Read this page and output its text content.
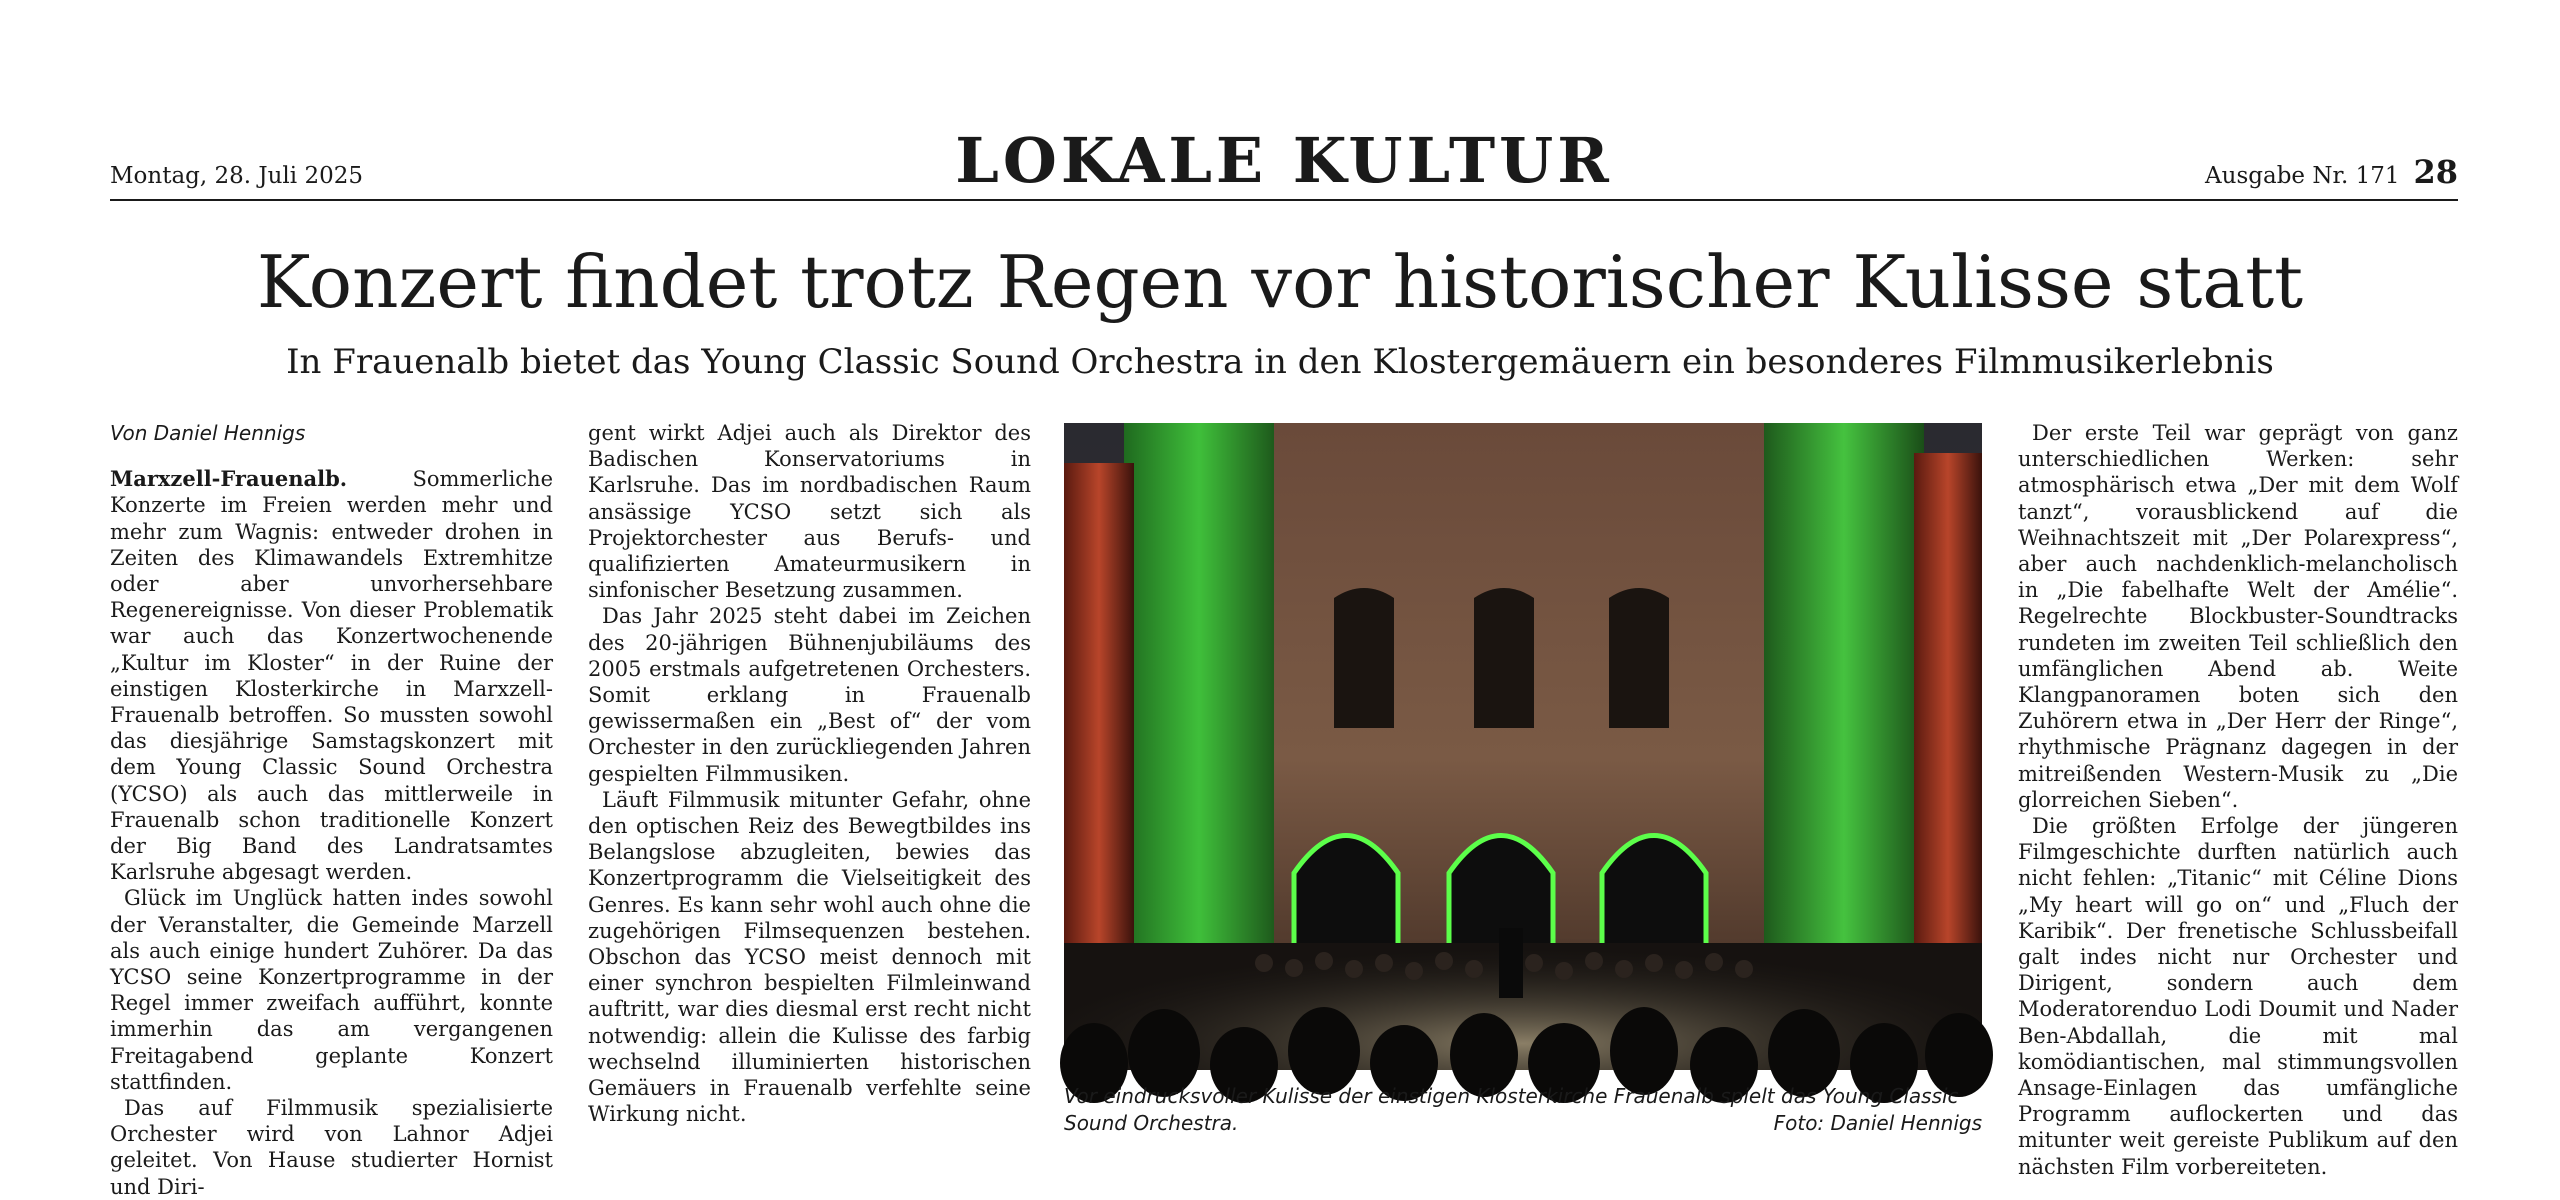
Montag, 28. Juli 2025	LOKALE KULTUR	Ausgabe Nr. 171 28
Konzert findet trotz Regen vor historischer Kulisse statt
In Frauenalb bietet das Young Classic Sound Orchestra in den Klostergemäuern ein besonderes Filmmusikerlebnis

Von Daniel Hennigs

Marxzell-Frauenalb.	Sommerliche Konzerte im Freien werden mehr und mehr zum Wagnis: entweder drohen in Zeiten des Klimawandels Extremhitze oder aber unvorhersehbare Regenereignisse. Von dieser Problematik war auch das Konzertwochenende „Kultur im Kloster“ in der Ruine der einstigen Klosterkirche in Marxzell-Frauenalb betroffen. So mussten sowohl das diesjährige Samstagskonzert mit dem Young Classic Sound Orchestra (YCSO) als auch das mittlerweile in Frauenalb schon traditionelle Konzert der Big Band des Landratsamtes Karlsruhe abgesagt werden.

Glück im Unglück hatten indes sowohl der Veranstalter, die Gemeinde Marzell als auch einige hundert Zuhörer. Da das YCSO seine Konzertprogramme in der Regel immer zweifach aufführt, konnte immerhin das am vergangenen Freitagabend geplante Konzert stattfinden.

Das auf Filmmusik spezialisierte Orchester wird von Lahnor Adjei geleitet. Von Hause studierter Hornist und Diri-

gent wirkt Adjei auch als Direktor des Badischen Konservatoriums in Karlsruhe. Das im nordbadischen Raum ansässige YCSO setzt sich als Projektorchester aus Berufs- und qualifizierten Amateurmusikern in sinfonischer Besetzung zusammen.

Das Jahr 2025 steht dabei im Zeichen des 20-jährigen Bühnenjubiläums des 2005 erstmals aufgetretenen Orchesters. Somit erklang in Frauenalb gewissermaßen ein „Best of“ der vom Orchester in den zurückliegenden Jahren gespielten Filmmusiken.

Läuft Filmmusik mitunter Gefahr, ohne den optischen Reiz des Bewegtbildes ins Belangslose abzugleiten, bewies das Konzertprogramm die Vielseitigkeit des Genres. Es kann sehr wohl auch ohne die zugehörigen Filmsequenzen bestehen. Obschon das YCSO meist dennoch mit einer synchron bespielten Filmleinwand auftritt, war dies diesmal erst recht nicht notwendig: allein die Kulisse des farbig wechselnd illuminierten historischen Gemäuers in Frauenalb verfehlte seine Wirkung nicht.

Vor eindrucksvoller Kulisse der einstigen Klosterkirche Frauenalb spielt das Young Classic Sound Orchestra.	Foto: Daniel Hennigs

Der erste Teil war geprägt von ganz unterschiedlichen Werken: sehr atmosphärisch etwa „Der mit dem Wolf tanzt“, vorausblickend auf die Weihnachtszeit mit „Der Polarexpress“, aber auch nachdenklich-melancholisch in „Die fabelhafte Welt der Amélie“. Regelrechte Blockbuster-Soundtracks rundeten im zweiten Teil schließlich den umfänglichen Abend ab. Weite Klangpanoramen boten sich den Zuhörern etwa in „Der Herr der Ringe“, rhythmische Prägnanz dagegen in der mitreißenden Western-Musik zu „Die glorreichen Sieben“.

Die größten Erfolge der jüngeren Filmgeschichte durften natürlich auch nicht fehlen: „Titanic“ mit Céline Dions „My heart will go on“ und „Fluch der Karibik“. Der frenetische Schlussbeifall galt indes nicht nur Orchester und Dirigent, sondern auch dem Moderatorenduo Lodi Doumit und Nader Ben-Abdallah, die mit mal komödiantischen, mal stimmungsvollen Ansage-Einlagen das umfängliche Programm auflockerten und das mitunter weit gereiste Publikum auf den nächsten Film vorbereiteten.
